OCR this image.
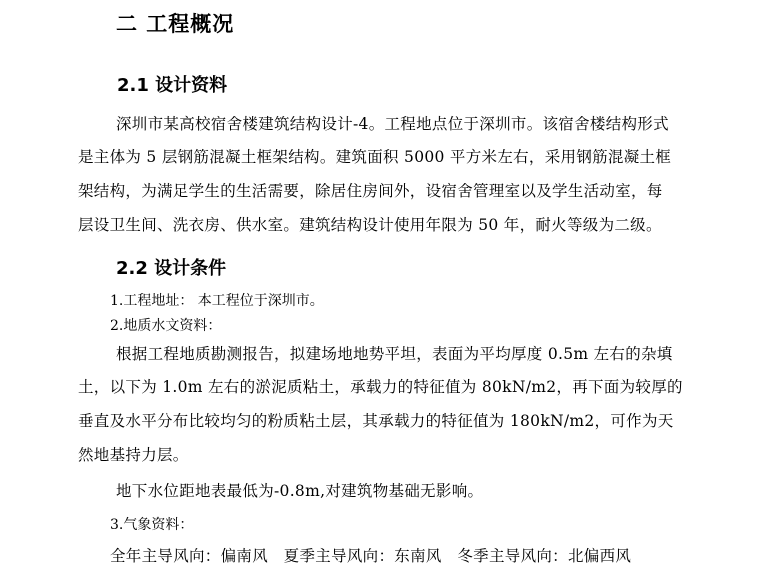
二 工程概况
2.1 设计资料
深圳市某高校宿舍楼建筑结构设计-4。工程地点位于深圳市。该宿舍楼结构形式
是主体为 5 层钢筋混凝土框架结构。建筑面积 5000 平方米左右，采用钢筋混凝土框
架结构，为满足学生的生活需要，除居住房间外，设宿舍管理室以及学生活动室，每
层设卫生间、洗衣房、供水室。建筑结构设计使用年限为 50 年，耐火等级为二级。
2.2 设计条件
1.工程地址： 本工程位于深圳市。
2.地质水文资料：
根据工程地质勘测报告，拟建场地地势平坦，表面为平均厚度 0.5m 左右的杂填
土，以下为 1.0m 左右的淤泥质粘土，承载力的特征值为 80kN/m2，再下面为较厚的
垂直及水平分布比较均匀的粉质粘土层，其承载力的特征值为 180kN/m2，可作为天
然地基持力层。
地下水位距地表最低为-0.8m,对建筑物基础无影响。
3.气象资料：
全年主导风向：偏南风   夏季主导风向：东南风   冬季主导风向：北偏西风
